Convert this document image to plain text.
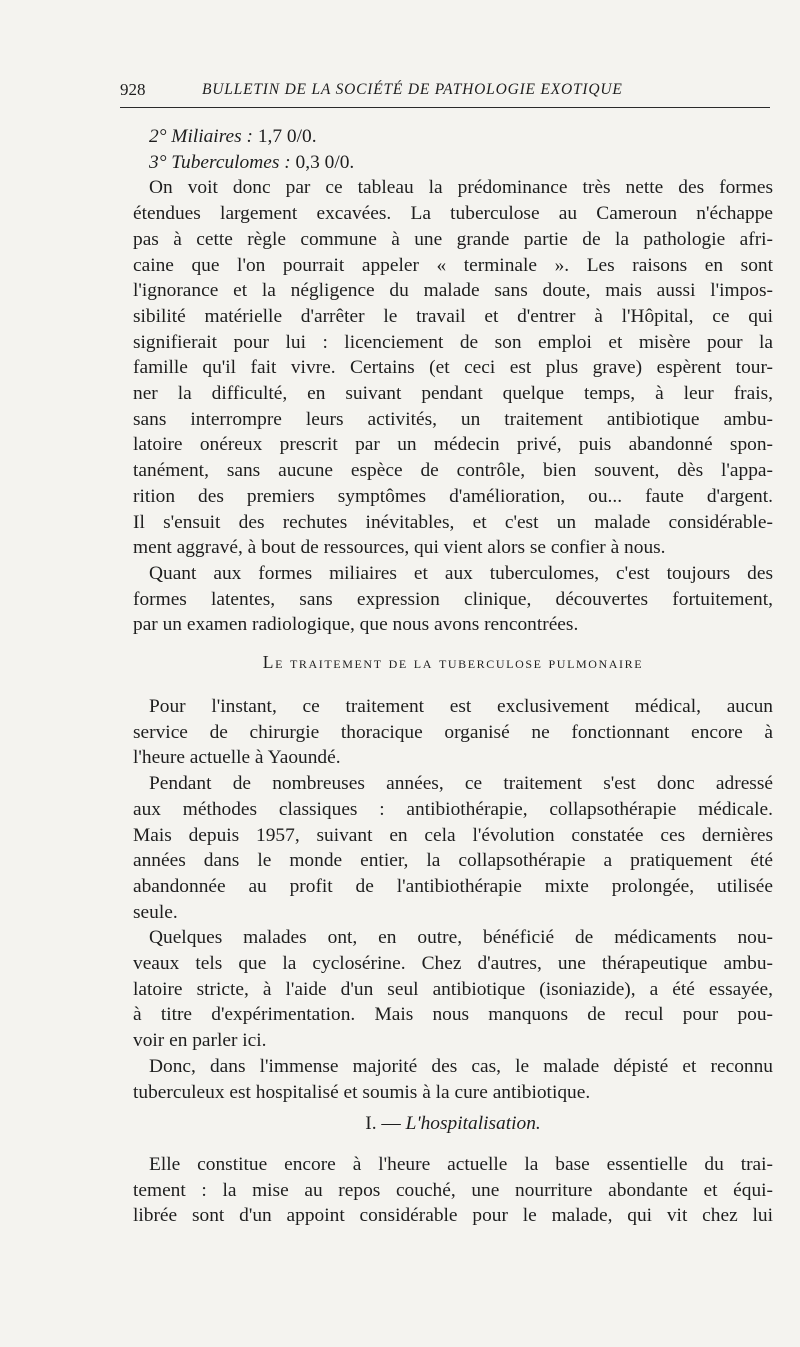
928	BULLETIN DE LA SOCIÉTÉ DE PATHOLOGIE EXOTIQUE

2° Miliaires : 1,7 0/0.

3° Tuberculomes : 0,3 0/0.

On voit donc par ce tableau la prédominance très nette des formes

étendues largement excavées. La tuberculose au Cameroun n'échappe

pas à cette règle commune à une grande partie de la pathologie afri-

caine que l'on pourrait appeler « terminale ». Les raisons en sont

l'ignorance et la négligence du malade sans doute, mais aussi l'impos-

sibilité matérielle d'arrêter le travail et d'entrer à l'Hôpital, ce qui

signifierait pour lui : licenciement de son emploi et misère pour la

famille qu'il fait vivre. Certains (et ceci est plus grave) espèrent tour-

ner la difficulté, en suivant pendant quelque temps, à leur frais,

sans interrompre leurs activités, un traitement antibiotique ambu-

latoire onéreux prescrit par un médecin privé, puis abandonné spon-

tanément, sans aucune espèce de contrôle, bien souvent, dès l'appa-

rition des premiers symptômes d'amélioration, ou... faute d'argent.

Il s'ensuit des rechutes inévitables, et c'est un malade considérable-

ment aggravé, à bout de ressources, qui vient alors se confier à nous.

Quant aux formes miliaires et aux tuberculomes, c'est toujours des

formes latentes, sans expression clinique, découvertes fortuitement,

par un examen radiologique, que nous avons rencontrées.

Le traitement de la tuberculose pulmonaire

Pour l'instant, ce traitement est exclusivement médical, aucun

service de chirurgie thoracique organisé ne fonctionnant encore à

l'heure actuelle à Yaoundé.

Pendant de nombreuses années, ce traitement s'est donc adressé

aux méthodes classiques : antibiothérapie, collapsothérapie médicale.

Mais depuis 1957, suivant en cela l'évolution constatée ces dernières

années dans le monde entier, la collapsothérapie a pratiquement été

abandonnée au profit de l'antibiothérapie mixte prolongée, utilisée

seule.

Quelques malades ont, en outre, bénéficié de médicaments nou-

veaux tels que la cyclosérine. Chez d'autres, une thérapeutique ambu-

latoire stricte, à l'aide d'un seul antibiotique (isoniazide), a été essayée,

à titre d'expérimentation. Mais nous manquons de recul pour pou-

voir en parler ici.

Donc, dans l'immense majorité des cas, le malade dépisté et reconnu

tuberculeux est hospitalisé et soumis à la cure antibiotique.

I. — L'hospitalisation.

Elle constitue encore à l'heure actuelle la base essentielle du trai-

tement : la mise au repos couché, une nourriture abondante et équi-

librée sont d'un appoint considérable pour le malade, qui vit chez lui
